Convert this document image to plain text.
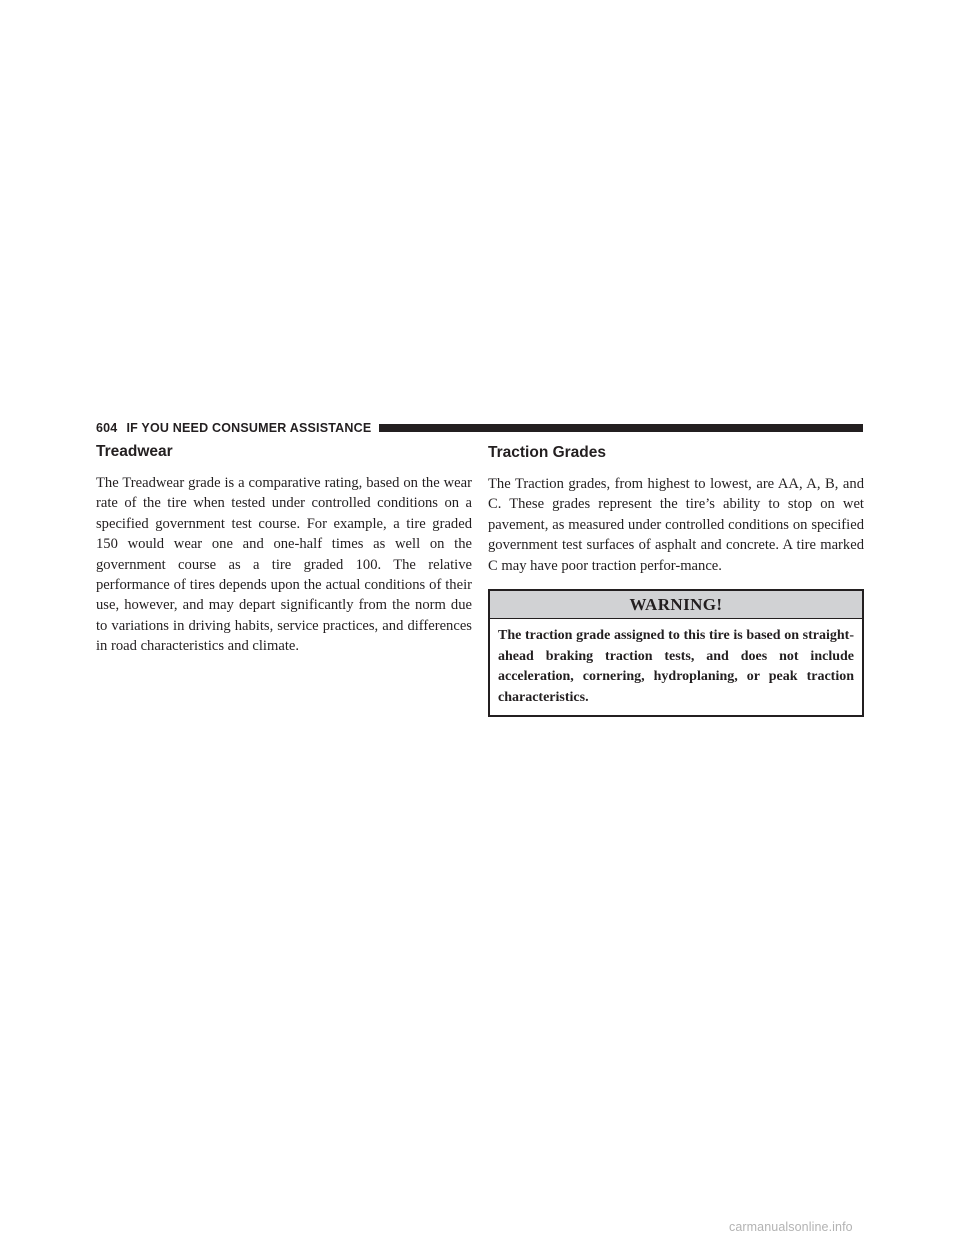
604 IF YOU NEED CONSUMER ASSISTANCE
Treadwear

The Treadwear grade is a comparative rating, based on the wear rate of the tire when tested under controlled conditions on a specified government test course. For example, a tire graded 150 would wear one and one-half times as well on the government course as a tire graded 100. The relative performance of tires depends upon the actual conditions of their use, however, and may depart significantly from the norm due to variations in driving habits, service practices, and differences in road characteristics and climate.

Traction Grades

The Traction grades, from highest to lowest, are AA, A, B, and C. These grades represent the tire’s ability to stop on wet pavement, as measured under controlled conditions on specified government test surfaces of asphalt and concrete. A tire marked C may have poor traction perfor-mance.

WARNING!

The traction grade assigned to this tire is based on straight-ahead braking traction tests, and does not include acceleration, cornering, hydroplaning, or peak traction characteristics.

carmanualsonline.info
